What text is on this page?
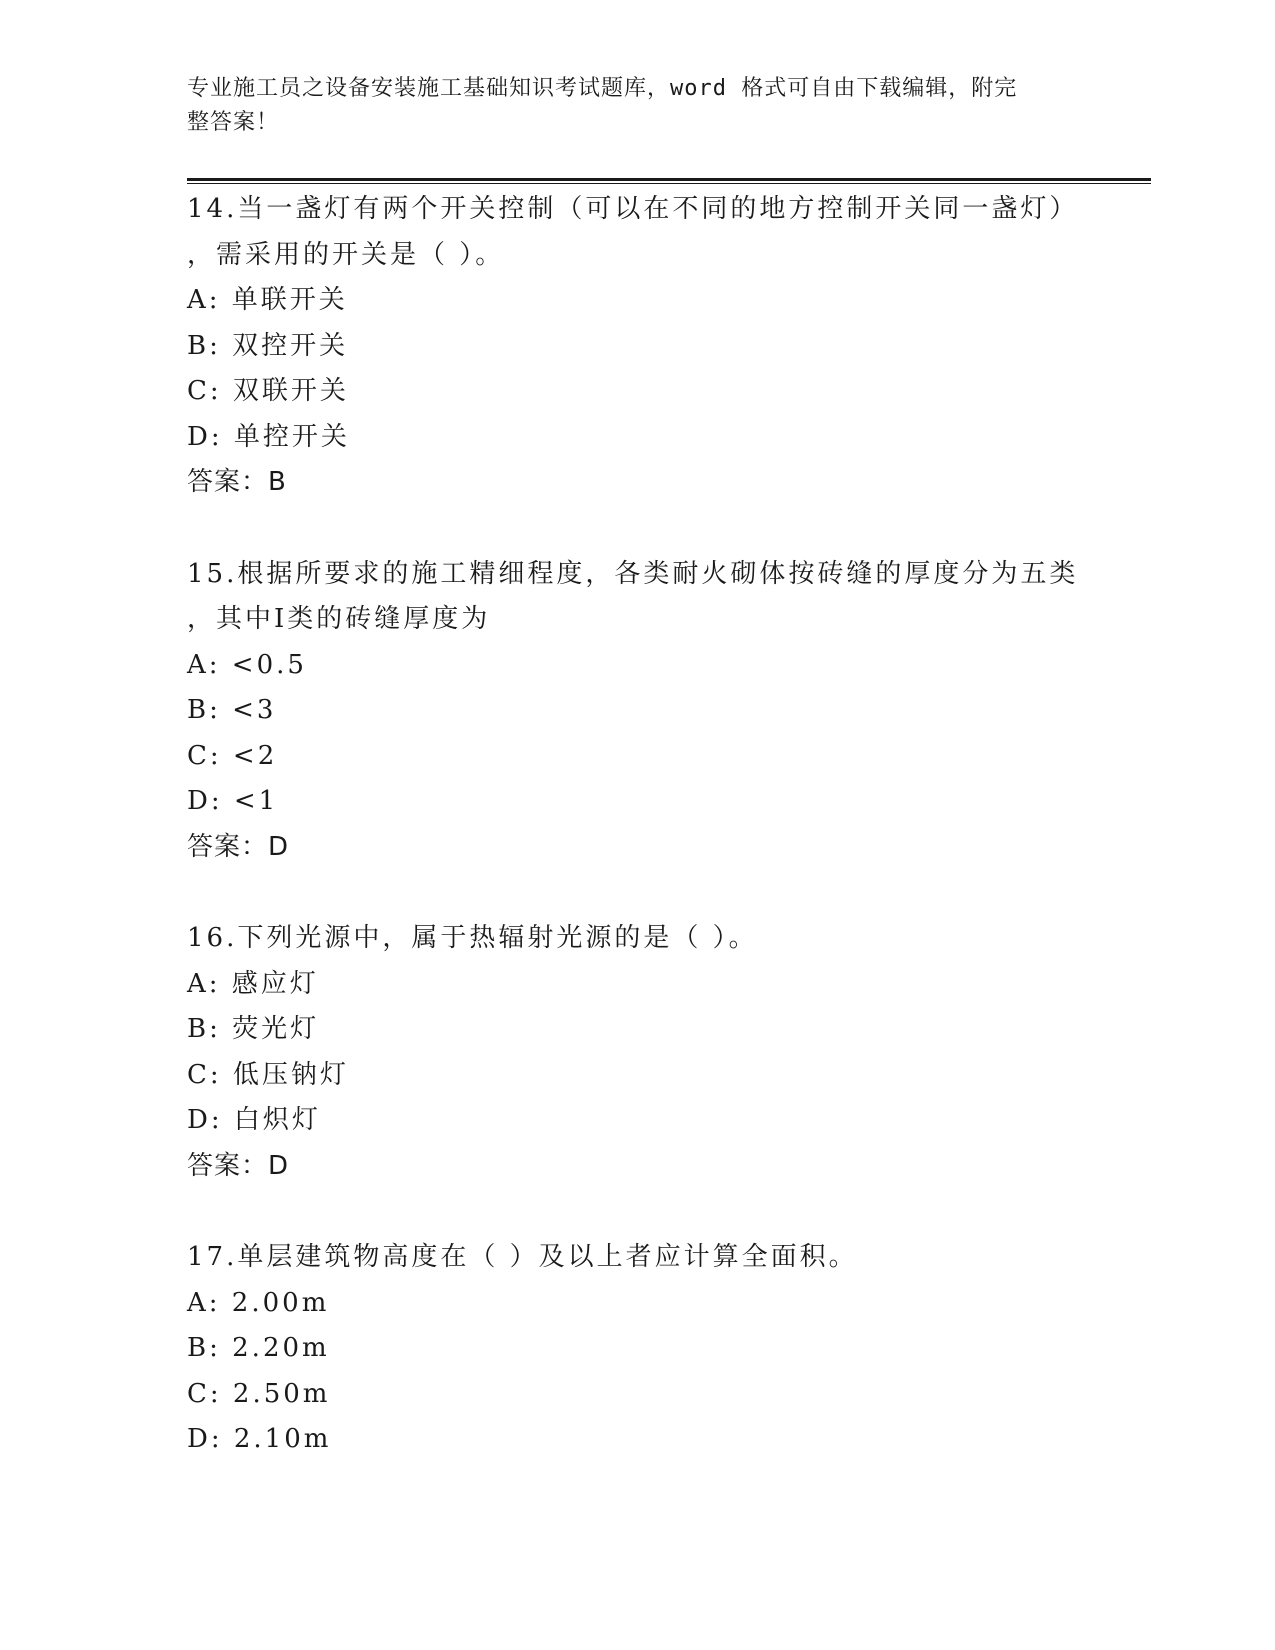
专业施工员之设备安装施工基础知识考试题库，word 格式可自由下载编辑，附完
整答案！
14.当一盏灯有两个开关控制（可以在不同的地方控制开关同一盏灯）
，需采用的开关是（ ）。
A: 单联开关
B: 双控开关
C: 双联开关
D: 单控开关
答案：B
15.根据所要求的施工精细程度，各类耐火砌体按砖缝的厚度分为五类
，其中Ⅰ类的砖缝厚度为
A: <0.5
B: <3
C: <2
D: <1
答案：D
16.下列光源中，属于热辐射光源的是（ ）。
A: 感应灯
B: 荧光灯
C: 低压钠灯
D: 白炽灯
答案：D
17.单层建筑物高度在（ ）及以上者应计算全面积。
A: 2.00m
B: 2.20m
C: 2.50m
D: 2.10m
